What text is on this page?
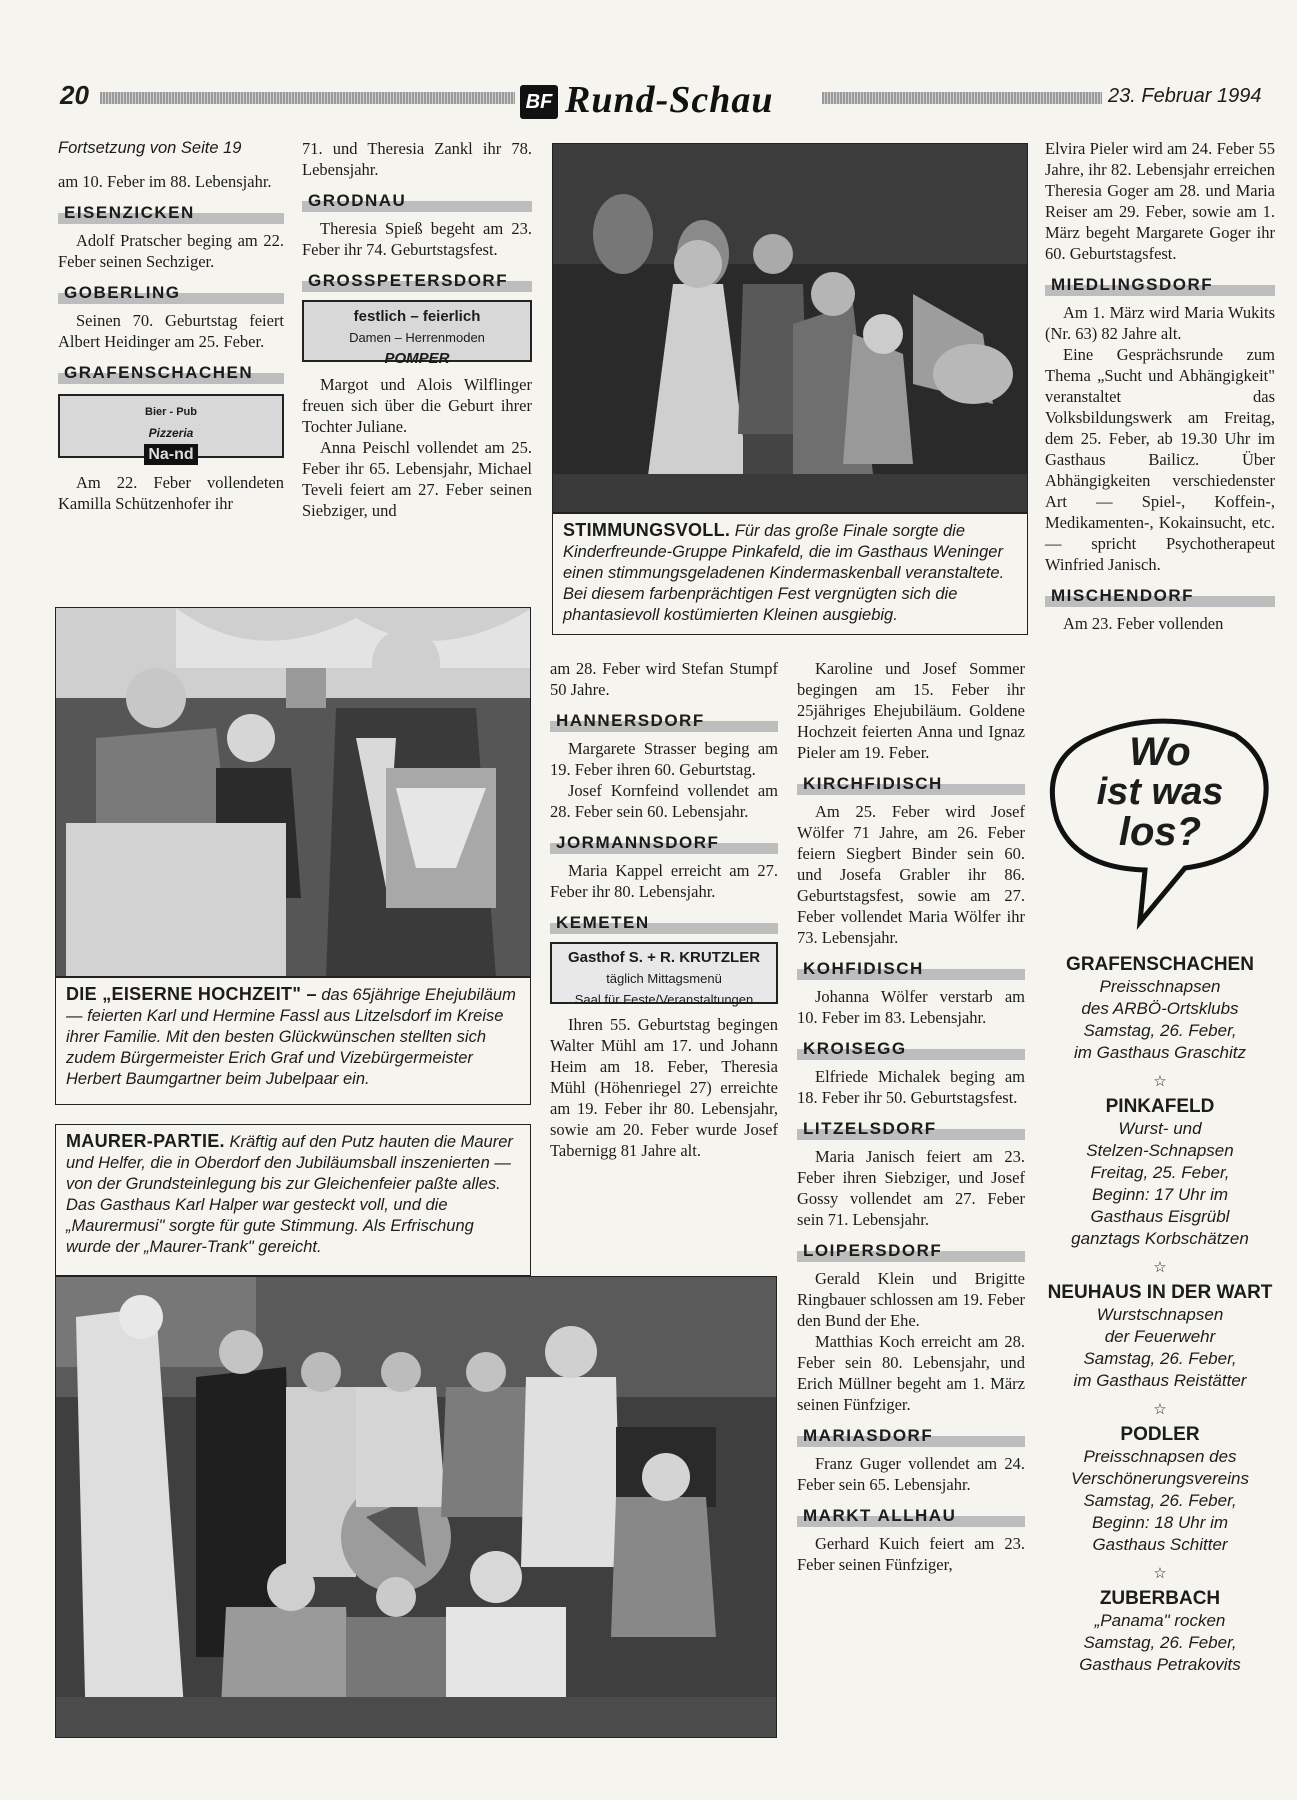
20	BF Rund-Schau	23. Februar 1994
Fortsetzung von Seite 19

am 10. Feber im 88. Lebensjahr.

EISENZICKEN

Adolf Pratscher beging am 22. Feber seinen Sechziger.

GOBERLING

Seinen 70. Geburtstag feiert Albert Heidinger am 25. Feber.

GRAFENSCHACHEN
Bier - Pub
Pizzeria
Na-nd

Am 22. Feber vollendeten Kamilla Schützenhofer ihr

71. und Theresia Zankl ihr 78. Lebensjahr.

GRODNAU

Theresia Spieß begeht am 23. Feber ihr 74. Geburtstagsfest.

GROSSPETERSDORF
festlich – feierlich
Damen – Herrenmoden
POMPER

Margot und Alois Wilflinger freuen sich über die Geburt ihrer Tochter Juliane.

Anna Peischl vollendet am 25. Feber ihr 65. Lebensjahr, Michael Teveli feiert am 27. Feber seinen Siebziger, und

STIMMUNGSVOLL. Für das große Finale sorgte die Kinderfreunde-Gruppe Pinkafeld, die im Gasthaus Weninger einen stimmungsgeladenen Kindermaskenball veranstaltete. Bei diesem farbenprächtigen Fest vergnügten sich die phantasievoll kostümierten Kleinen ausgiebig.
DIE „EISERNE HOCHZEIT" – das 65jährige Ehejubiläum — feierten Karl und Hermine Fassl aus Litzelsdorf im Kreise ihrer Familie. Mit den besten Glückwünschen stellten sich zudem Bürgermeister Erich Graf und Vizebürgermeister Herbert Baumgartner beim Jubelpaar ein.
MAURER-PARTIE. Kräftig auf den Putz hauten die Maurer und Helfer, die in Oberdorf den Jubiläumsball inszenierten — von der Grundsteinlegung bis zur Gleichenfeier paßte alles. Das Gasthaus Karl Halper war gesteckt voll, und die „Maurermusi" sorgte für gute Stimmung. Als Erfrischung wurde der „Maurer-Trank" gereicht.

am 28. Feber wird Stefan Stumpf 50 Jahre.

HANNERSDORF

Margarete Strasser beging am 19. Feber ihren 60. Geburtstag.

Josef Kornfeind vollendet am 28. Feber sein 60. Lebensjahr.

JORMANNSDORF

Maria Kappel erreicht am 27. Feber ihr 80. Lebensjahr.

KEMETEN
Gasthof S. + R. KRUTZLER
täglich Mittagsmenü
Saal für Feste/Veranstaltungen

Ihren 55. Geburtstag begingen Walter Mühl am 17. und Johann Heim am 18. Feber, Theresia Mühl (Höhenriegel 27) erreichte am 19. Feber ihr 80. Lebensjahr, sowie am 20. Feber wurde Josef Tabernigg 81 Jahre alt.

Karoline und Josef Sommer begingen am 15. Feber ihr 25jähriges Ehejubiläum. Goldene Hochzeit feierten Anna und Ignaz Pieler am 19. Feber.

KIRCHFIDISCH

Am 25. Feber wird Josef Wölfer 71 Jahre, am 26. Feber feiern Siegbert Binder sein 60. und Josefa Grabler ihr 86. Geburtstagsfest, sowie am 27. Feber vollendet Maria Wölfer ihr 73. Lebensjahr.

KOHFIDISCH

Johanna Wölfer verstarb am 10. Feber im 83. Lebensjahr.

KROISEGG

Elfriede Michalek beging am 18. Feber ihr 50. Geburtstagsfest.

LITZELSDORF

Maria Janisch feiert am 23. Feber ihren Siebziger, und Josef Gossy vollendet am 27. Feber sein 71. Lebensjahr.

LOIPERSDORF

Gerald Klein und Brigitte Ringbauer schlossen am 19. Feber den Bund der Ehe.

Matthias Koch erreicht am 28. Feber sein 80. Lebensjahr, und Erich Müllner begeht am 1. März seinen Fünfziger.

MARIASDORF

Franz Guger vollendet am 24. Feber sein 65. Lebensjahr.

MARKT ALLHAU

Gerhard Kuich feiert am 23. Feber seinen Fünfziger,

Elvira Pieler wird am 24. Feber 55 Jahre, ihr 82. Lebensjahr erreichen Theresia Goger am 28. und Maria Reiser am 29. Feber, sowie am 1. März begeht Margarete Goger ihr 60. Geburtstagsfest.

MIEDLINGSDORF

Am 1. März wird Maria Wukits (Nr. 63) 82 Jahre alt.

Eine Gesprächsrunde zum Thema „Sucht und Abhängigkeit" veranstaltet das Volksbildungswerk am Freitag, dem 25. Feber, ab 19.30 Uhr im Gasthaus Bailicz. Über Abhängigkeiten verschiedenster Art — Spiel-, Koffein-, Medikamenten-, Kokainsucht, etc. — spricht Psychotherapeut Winfried Janisch.

MISCHENDORF

Am 23. Feber vollenden

Wo
ist was
los?
GRAFENSCHACHEN
Preisschnapsen
des ARBÖ-Ortsklubs
Samstag, 26. Feber,
im Gasthaus Graschitz
☆
PINKAFELD
Wurst- und
Stelzen-Schnapsen
Freitag, 25. Feber,
Beginn: 17 Uhr im
Gasthaus Eisgrübl
ganztags Korbschätzen
☆
NEUHAUS IN DER WART
Wurstschnapsen
der Feuerwehr
Samstag, 26. Feber,
im Gasthaus Reistätter
☆
PODLER
Preisschnapsen des
Verschönerungsvereins
Samstag, 26. Feber,
Beginn: 18 Uhr im
Gasthaus Schitter
☆
ZUBERBACH
„Panama" rocken
Samstag, 26. Feber,
Gasthaus Petrakovits
